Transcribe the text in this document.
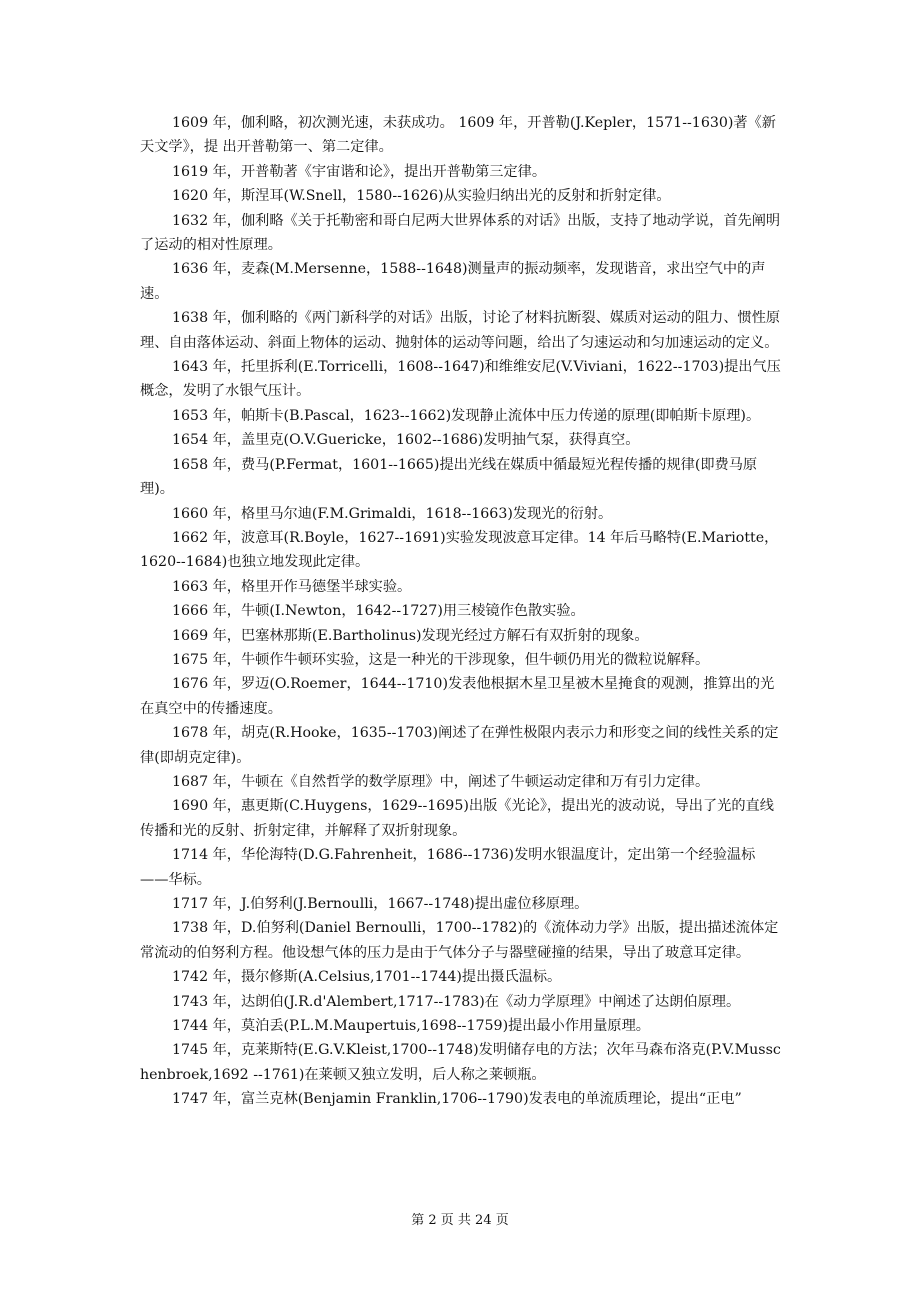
1609 年，伽利略，初次测光速，未获成功。 1609 年，开普勒(J.Kepler，1571--1630)著《新天文学》，提 出开普勒第一、第二定律。

1619 年，开普勒著《宇宙谐和论》，提出开普勒第三定律。

1620 年，斯涅耳(W.Snell，1580--1626)从实验归纳出光的反射和折射定律。

1632 年，伽利略《关于托勒密和哥白尼两大世界体系的对话》出版，支持了地动学说，首先阐明了运动的相对性原理。

1636 年，麦森(M.Mersenne，1588--1648)测量声的振动频率，发现谐音，求出空气中的声速。

1638 年，伽利略的《两门新科学的对话》出版，讨论了材料抗断裂、媒质对运动的阻力、惯性原理、自由落体运动、斜面上物体的运动、抛射体的运动等问题，给出了匀速运动和匀加速运动的定义。

1643 年，托里拆利(E.Torricelli，1608--1647)和维维安尼(V.Viviani，1622--1703)提出气压概念，发明了水银气压计。

1653 年，帕斯卡(B.Pascal，1623--1662)发现静止流体中压力传递的原理(即帕斯卡原理)。

1654 年，盖里克(O.V.Guericke，1602--1686)发明抽气泵，获得真空。

1658 年，费马(P.Fermat，1601--1665)提出光线在媒质中循最短光程传播的规律(即费马原理)。

1660 年，格里马尔迪(F.M.Grimaldi，1618--1663)发现光的衍射。

1662 年，波意耳(R.Boyle，1627--1691)实验发现波意耳定律。14 年后马略特(E.Mariotte，1620--1684)也独立地发现此定律。

1663 年，格里开作马德堡半球实验。

1666 年，牛顿(I.Newton，1642--1727)用三棱镜作色散实验。

1669 年，巴塞林那斯(E.Bartholinus)发现光经过方解石有双折射的现象。

1675 年，牛顿作牛顿环实验，这是一种光的干涉现象，但牛顿仍用光的微粒说解释。

1676 年，罗迈(O.Roemer，1644--1710)发表他根据木星卫星被木星掩食的观测，推算出的光在真空中的传播速度。

1678 年，胡克(R.Hooke，1635--1703)阐述了在弹性极限内表示力和形变之间的线性关系的定律(即胡克定律)。

1687 年，牛顿在《自然哲学的数学原理》中，阐述了牛顿运动定律和万有引力定律。

1690 年，惠更斯(C.Huygens，1629--1695)出版《光论》，提出光的波动说，导出了光的直线传播和光的反射、折射定律，并解释了双折射现象。

1714 年，华伦海特(D.G.Fahrenheit，1686--1736)发明水银温度计，定出第一个经验温标——华标。

1717 年，J.伯努利(J.Bernoulli，1667--1748)提出虚位移原理。

1738 年，D.伯努利(Daniel Bernoulli，1700--1782)的《流体动力学》出版，提出描述流体定常流动的伯努利方程。他设想气体的压力是由于气体分子与器壁碰撞的结果，导出了玻意耳定律。

1742 年，摄尔修斯(A.Celsius,1701--1744)提出摄氏温标。

1743 年，达朗伯(J.R.d'Alembert,1717--1783)在《动力学原理》中阐述了达朗伯原理。

1744 年，莫泊丢(P.L.M.Maupertuis,1698--1759)提出最小作用量原理。

1745 年，克莱斯特(E.G.V.Kleist,1700--1748)发明储存电的方法；次年马森布洛克(P.V.Musschenbroek,1692 --1761)在莱顿又独立发明，后人称之莱顿瓶。

1747 年，富兰克林(Benjamin Franklin,1706--1790)发表电的单流质理论，提出“正电”

第 2 页 共 24 页
